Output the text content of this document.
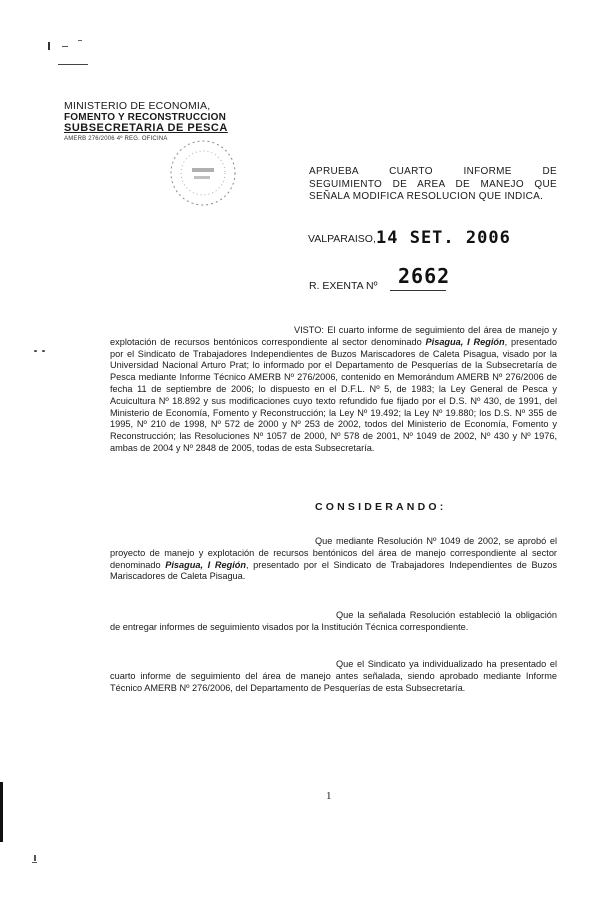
MINISTERIO DE ECONOMIA,
FOMENTO Y RECONSTRUCCION
SUBSECRETARIA DE PESCA
AMERB 276/2006 4º REG. OFICINA
APRUEBA CUARTO INFORME DE
SEGUIMIENTO DE AREA DE MANEJO QUE
SEÑALA MODIFICA RESOLUCION QUE INDICA.
VALPARAISO, 14 SET. 2006
R. EXENTA Nº 2662
VISTO: El cuarto informe de seguimiento del área de manejo y explotación de recursos bentónicos correspondiente al sector denominado Pisagua, I Región, presentado por el Sindicato de Trabajadores Independientes de Buzos Mariscadores de Caleta Pisagua, visado por la Universidad Nacional Arturo Prat; lo informado por el Departamento de Pesquerías de la Subsecretaría de Pesca mediante Informe Técnico AMERB Nº 276/2006, contenido en Memorándum AMERB Nº 276/2006 de fecha 11 de septiembre de 2006; lo dispuesto en el D.F.L. Nº 5, de 1983; la Ley General de Pesca y Acuicultura Nº 18.892 y sus modificaciones cuyo texto refundido fue fijado por el D.S. Nº 430, de 1991, del Ministerio de Economía, Fomento y Reconstrucción; la Ley Nº 19.492; la Ley Nº 19.880; los D.S. Nº 355 de 1995, Nº 210 de 1998, Nº 572 de 2000 y Nº 253 de 2002, todos del Ministerio de Economía, Fomento y Reconstrucción; las Resoluciones Nº 1057 de 2000, Nº 578 de 2001, Nº 1049 de 2002, Nº 430 y Nº 1976, ambas de 2004 y Nº 2848 de 2005, todas de esta Subsecretaría.
CONSIDERANDO:
Que mediante Resolución Nº 1049 de 2002, se aprobó el proyecto de manejo y explotación de recursos bentónicos del área de manejo correspondiente al sector denominado Pisagua, I Región, presentado por el Sindicato de Trabajadores Independientes de Buzos Mariscadores de Caleta Pisagua.
Que la señalada Resolución estableció la obligación de entregar informes de seguimiento visados por la Institución Técnica correspondiente.
Que el Sindicato ya individualizado ha presentado el cuarto informe de seguimiento del área de manejo antes señalada, siendo aprobado mediante Informe Técnico AMERB Nº 276/2006, del Departamento de Pesquerías de esta Subsecretaría.
1
